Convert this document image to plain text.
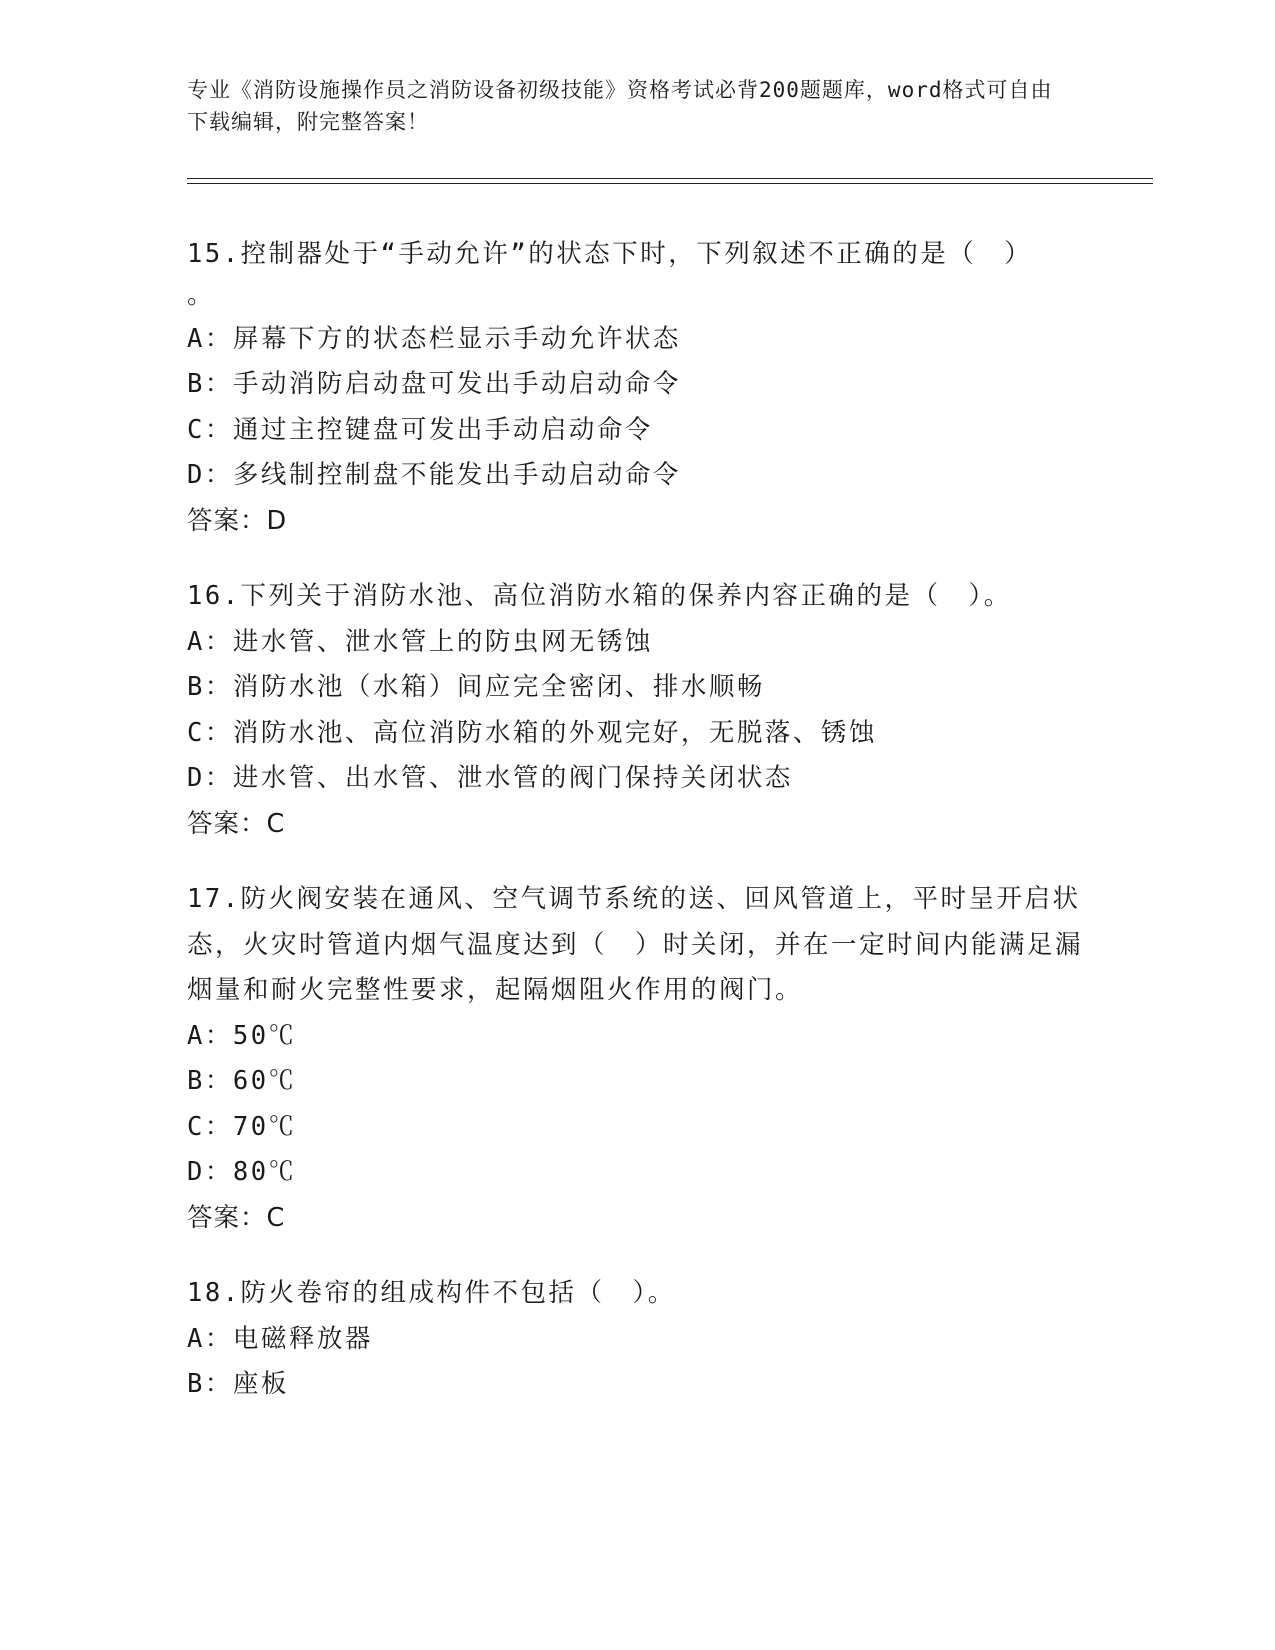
专业《消防设施操作员之消防设备初级技能》资格考试必背200题题库，word格式可自由下载编辑，附完整答案！
15.控制器处于“手动允许”的状态下时，下列叙述不正确的是（　）
。
A：屏幕下方的状态栏显示手动允许状态
B：手动消防启动盘可发出手动启动命令
C：通过主控键盘可发出手动启动命令
D：多线制控制盘不能发出手动启动命令
答案：D
16.下列关于消防水池、高位消防水箱的保养内容正确的是（　）。
A：进水管、泄水管上的防虫网无锈蚀
B：消防水池（水箱）间应完全密闭、排水顺畅
C：消防水池、高位消防水箱的外观完好，无脱落、锈蚀
D：进水管、出水管、泄水管的阀门保持关闭状态
答案：C
17.防火阀安装在通风、空气调节系统的送、回风管道上，平时呈开启状态，火灾时管道内烟气温度达到（　）时关闭，并在一定时间内能满足漏烟量和耐火完整性要求，起隔烟阻火作用的阀门。
A：50℃
B：60℃
C：70℃
D：80℃
答案：C
18.防火卷帘的组成构件不包括（　）。
A：电磁释放器
B：座板
